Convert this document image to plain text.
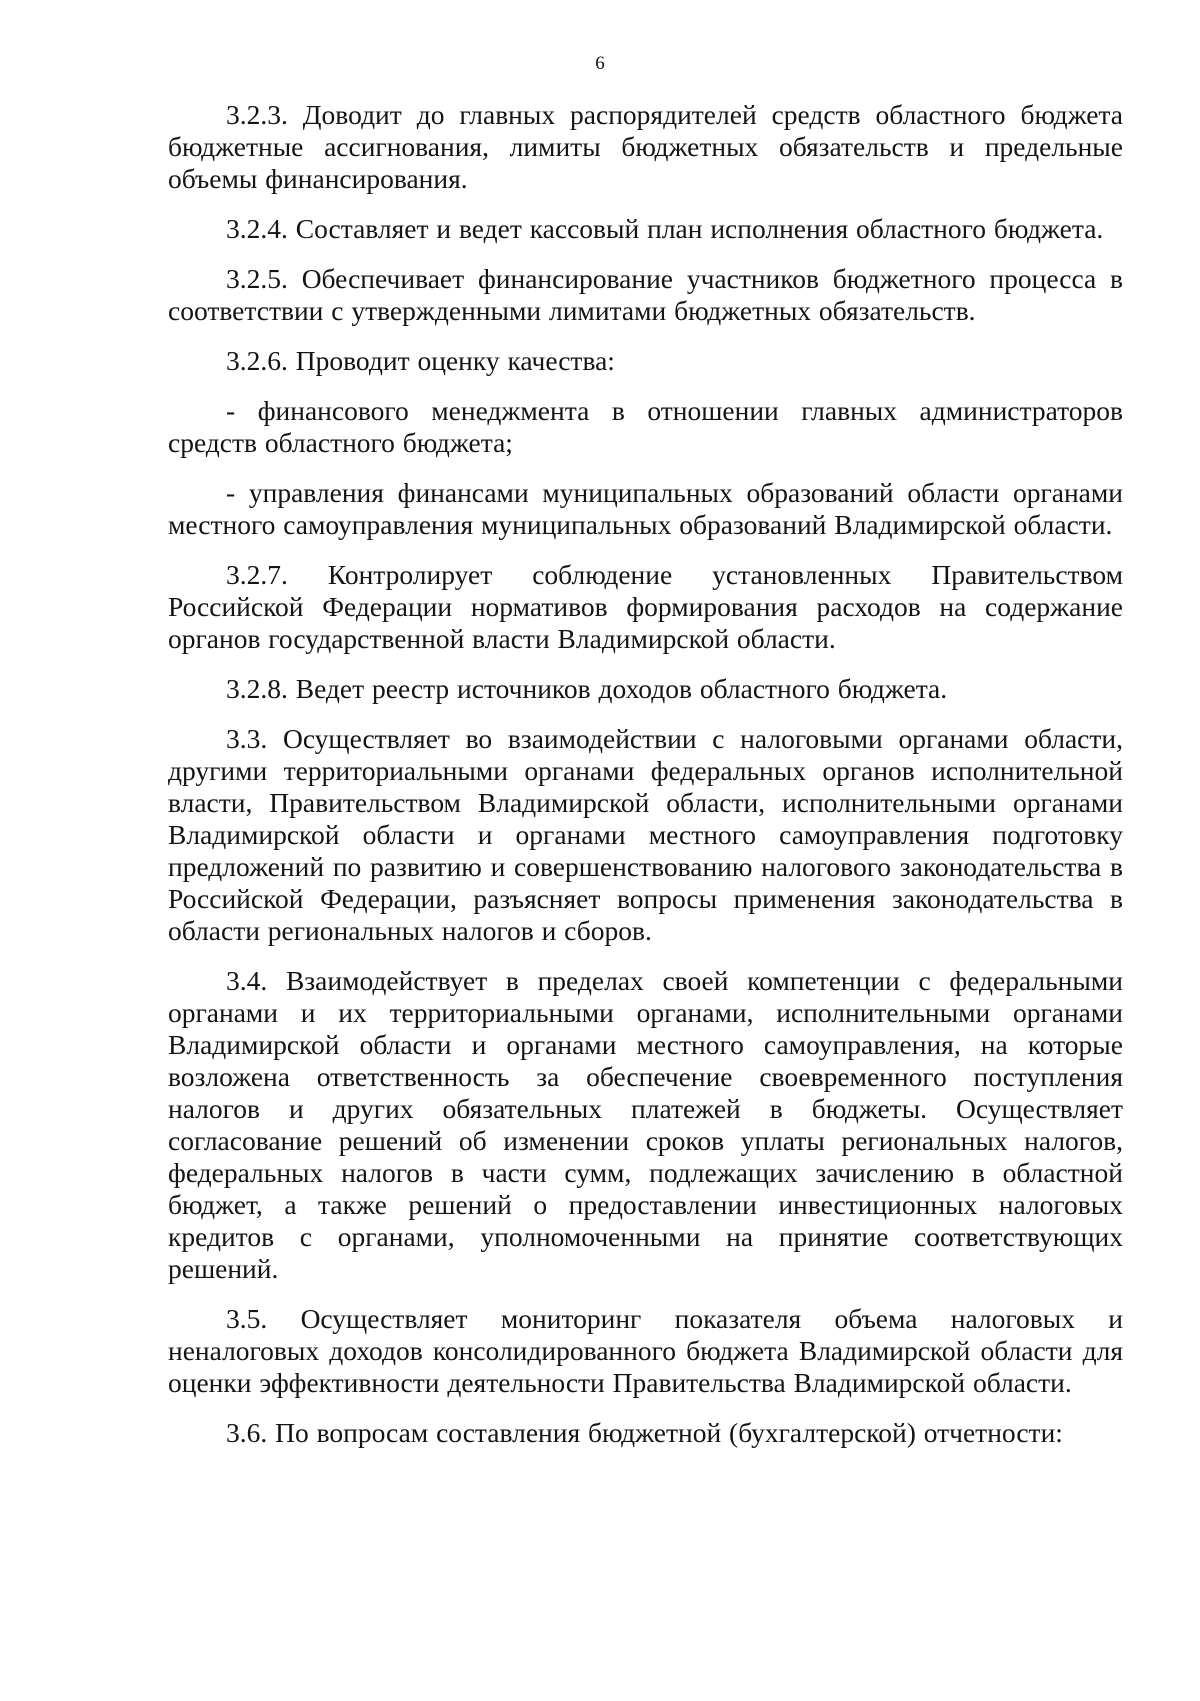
6

3.2.3. Доводит до главных распорядителей средств областного бюджета бюджетные ассигнования, лимиты бюджетных обязательств и предельные объемы финансирования.

3.2.4. Составляет и ведет кассовый план исполнения областного бюджета.

3.2.5. Обеспечивает финансирование участников бюджетного процесса в соответствии с утвержденными лимитами бюджетных обязательств.

3.2.6. Проводит оценку качества:

- финансового менеджмента в отношении главных администраторов средств областного бюджета;

- управления финансами муниципальных образований области органами местного самоуправления муниципальных образований Владимирской области.

3.2.7. Контролирует соблюдение установленных Правительством Российской Федерации нормативов формирования расходов на содержание органов государственной власти Владимирской области.

3.2.8. Ведет реестр источников доходов областного бюджета.

3.3. Осуществляет во взаимодействии с налоговыми органами области, другими территориальными органами федеральных органов исполнительной власти, Правительством Владимирской области, исполнительными органами Владимирской области и органами местного самоуправления подготовку предложений по развитию и совершенствованию налогового законодательства в Российской Федерации, разъясняет вопросы применения законодательства в области региональных налогов и сборов.

3.4. Взаимодействует в пределах своей компетенции с федеральными органами и их территориальными органами, исполнительными органами Владимирской области и органами местного самоуправления, на которые возложена ответственность за обеспечение своевременного поступления налогов и других обязательных платежей в бюджеты. Осуществляет согласование решений об изменении сроков уплаты региональных налогов, федеральных налогов в части сумм, подлежащих зачислению в областной бюджет, а также решений о предоставлении инвестиционных налоговых кредитов с органами, уполномоченными на принятие соответствующих решений.

3.5. Осуществляет мониторинг показателя объема налоговых и неналоговых доходов консолидированного бюджета Владимирской области для оценки эффективности деятельности Правительства Владимирской области.

3.6. По вопросам составления бюджетной (бухгалтерской) отчетности:
